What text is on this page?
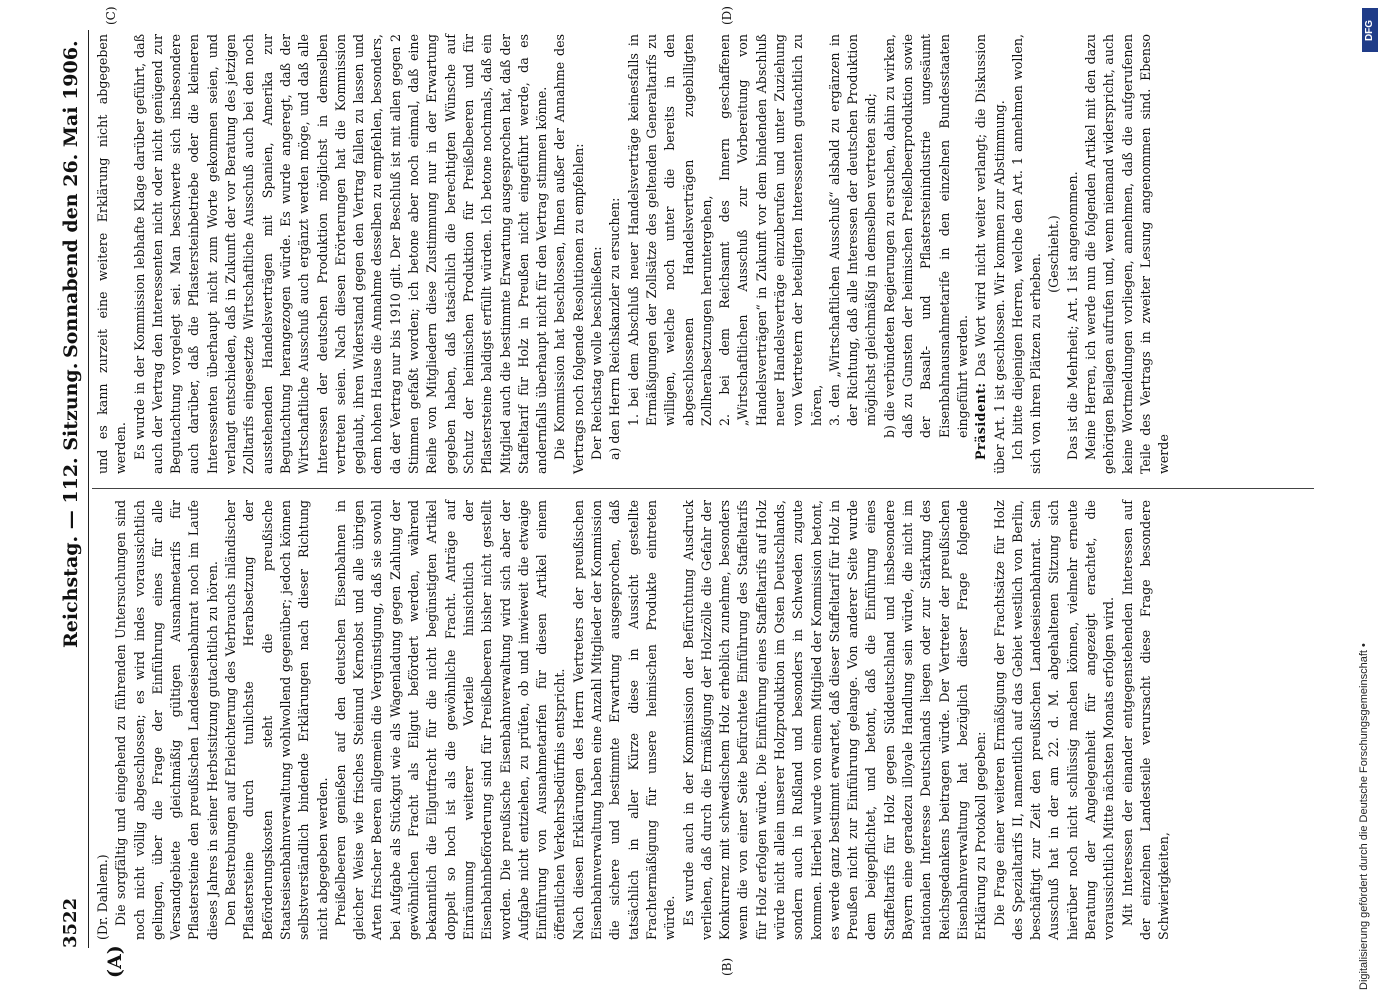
3522
Reichstag. — 112. Sitzung.
Sonnabend den 26. Mai 1906.
(A)	(B)
(C)	(D)

(Dr. Dahlem.) Die sorgfältig und eingehend zu führenden Untersuchungen sind noch nicht völlig abgeschlossen; es wird indes voraussichtlich gelingen, über die Frage der Einführung eines für alle Versandgebiete gleichmäßig gültigen Ausnahmetarifs für Pflastersteine den preußischen Landeseisenbahnrat noch im Laufe dieses Jahres in seiner Herbstsitzung gutachtlich zu hören. Den Bestrebungen auf Erleichterung des Verbrauchs inländischer Pflastersteine durch tunlichste Herabsetzung der Beförderungskosten steht die preußische Staatseisenbahnverwaltung wohlwollend gegenüber; jedoch können selbstverständlich bindende Erklärungen nach dieser Richtung nicht abgegeben werden. Preißelbeeren genießen auf den deutschen Eisenbahnen in gleicher Weise wie frisches Steinund Kernobst und alle übrigen Arten frischer Beeren allgemein die Vergünstigung, daß sie sowohl bei Aufgabe als Stückgut wie als Wagenladung gegen Zahlung der gewöhnlichen Fracht als Eilgut befördert werden, während bekanntlich die Eilgutfracht für die nicht begünstigten Artikel doppelt so hoch ist als die gewöhnliche Fracht. Anträge auf Einräumung weiterer Vorteile hinsichtlich der Eisenbahnbeförderung sind für Preißelbeeren bisher nicht gestellt worden. Die preußische Eisenbahnverwaltung wird sich aber der Aufgabe nicht entziehen, zu prüfen, ob und inwieweit die etwaige Einführung von Ausnahmetarifen für diesen Artikel einem öffentlichen Verkehrsbedürfnis entspricht. Nach diesen Erklärungen des Herrn Vertreters der preußischen Eisenbahnverwaltung haben eine Anzahl Mitglieder der Kommission die sichere und bestimmte Erwartung ausgesprochen, daß tatsächlich in aller Kürze diese in Aussicht gestellte Frachtermäßigung für unsere heimischen Produkte eintreten würde. Es wurde auch in der Kommission der Befürchtung Ausdruck verliehen, daß durch die Ermäßigung der Holzzölle die Gefahr der Konkurrenz mit schwedischem Holz erheblich zunehme, besonders wenn die von einer Seite befürchtete Einführung des Staffeltarifs für Holz erfolgen würde. Die Einführung eines Staffeltarifs auf Holz würde nicht allein unserer Holzproduktion im Osten Deutschlands, sondern auch in Rußland und besonders in Schweden zugute kommen. Hierbei wurde von einem Mitglied der Kommission betont, es werde ganz bestimmt erwartet, daß dieser Staffeltarif für Holz in Preußen nicht zur Einführung gelange. Von anderer Seite wurde dem beigepflichtet, und betont, daß die Einführung eines Staffeltarifs für Holz gegen Süddeutschland und insbesondere Bayern eine geradezu illoyale Handlung sein würde, die nicht im nationalen Interesse Deutschlands liegen oder zur Stärkung des Reichsgedankens beitragen würde. Der Vertreter der preußischen Eisenbahnverwaltung hat bezüglich dieser Frage folgende Erklärung zu Protokoll gegeben: Die Frage einer weiteren Ermäßigung der Frachtsätze für Holz des Spezialtarifs II, namentlich auf das Gebiet westlich von Berlin, beschäftigt zur Zeit den preußischen Landeseisenbahnrat. Sein Ausschuß hat in der am 22. d. M. abgehaltenen Sitzung sich hierüber noch nicht schlüssig machen können, vielmehr erneute Beratung der Angelegenheit für angezeigt erachtet, die voraussichtlich Mitte nächsten Monats erfolgen wird. Mit Interessen der einander entgegenstehenden Interessen auf der einzelnen Landesteile verursacht diese Frage besondere Schwierigkeiten,

und es kann zurzeit eine weitere Erklärung nicht abgegeben werden. Es wurde in der Kommission lebhafte Klage darüber geführt, daß auch der Vertrag den Interessenten nicht oder nicht genügend zur Begutachtung vorgelegt sei. Man beschwerte sich insbesondere auch darüber, daß die Pflastersteinbetriebe oder die kleineren Interessenten überhaupt nicht zum Worte gekommen seien, und verlangt entschieden, daß in Zukunft der vor Beratung des jetzigen Zolltarifs eingesetzte Wirtschaftliche Ausschuß auch bei den noch ausstehenden Handelsverträgen mit Spanien, Amerika zur Begutachtung herangezogen würde. Es wurde angeregt, daß der Wirtschaftliche Ausschuß auch ergänzt werden möge, und daß alle Interessen der deutschen Produktion möglichst in demselben vertreten seien. Nach diesen Erörterungen hat die Kommission geglaubt, ihren Widerstand gegen den Vertrag fallen zu lassen und dem hohen Hause die Annahme desselben zu empfehlen, besonders, da der Vertrag nur bis 1910 gilt. Der Beschluß ist mit allen gegen 2 Stimmen gefaßt worden; ich betone aber noch einmal, daß eine Reihe von Mitgliedern diese Zustimmung nur in der Erwartung gegeben haben, daß tatsächlich die berechtigten Wünsche auf Schutz der heimischen Produktion für Preißelbeeren und für Pflastersteine baldigst erfüllt würden. Ich betone nochmals, daß ein Mitglied auch die bestimmte Erwartung ausgesprochen hat, daß der Staffeltarif für Holz in Preußen nicht eingeführt werde, da es andernfalls überhaupt nicht für den Vertrag stimmen könne. Die Kommission hat beschlossen, Ihnen außer der Annahme des Vertrags noch folgende Resolutionen zu empfehlen: Der Reichstag wolle beschließen: a) den Herrn Reichskanzler zu ersuchen: 1. bei dem Abschluß neuer Handelsverträge keinesfalls in Ermäßigungen der Zollsätze des geltenden Generaltarifs zu willigen, welche noch unter die bereits in den abgeschlossenen Handelsverträgen zugebilligten Zollherabsetzungen heruntergehen, 2. bei dem Reichsamt des Innern geschaffenen „Wirtschaftlichen Ausschuß zur Vorbereitung von Handelsverträgen“ in Zukunft vor dem bindenden Abschluß neuer Handelsverträge einzuberufen und unter Zuziehung von Vertretern der beteiligten Interessenten gutachtlich zu hören, 3. den „Wirtschaftlichen Ausschuß“ alsbald zu ergänzen in der Richtung, daß alle Interessen der deutschen Produktion möglichst gleichmäßig in demselben vertreten sind; b) die verbündeten Regierungen zu ersuchen, dahin zu wirken, daß zu Gunsten der heimischen Preißelbeerproduktion sowie der Basalt- und Pflastersteinindustrie ungesäumt Eisenbahnausnahmetarife in den einzelnen Bundesstaaten eingeführt werden. Präsident: Das Wort wird nicht weiter verlangt; die Diskussion über Art. 1 ist geschlossen. Wir kommen zur Abstimmung. Ich bitte diejenigen Herren, welche den Art. 1 annehmen wollen, sich von ihren Plätzen zu erheben. (Geschieht.) Das ist die Mehrheit; Art. 1 ist angenommen. Meine Herren, ich werde nun die folgenden Artikel mit den dazu gehörigen Beilagen aufrufen und, wenn niemand widerspricht, auch keine Wortmeldungen vorliegen, annehmen, daß die aufgerufenen Teile des Vertrags in zweiter Lesung angenommen sind. Ebenso werde

Digitalisierung gefördert durch die Deutsche Forschungsgemeinschaft •
DFG
